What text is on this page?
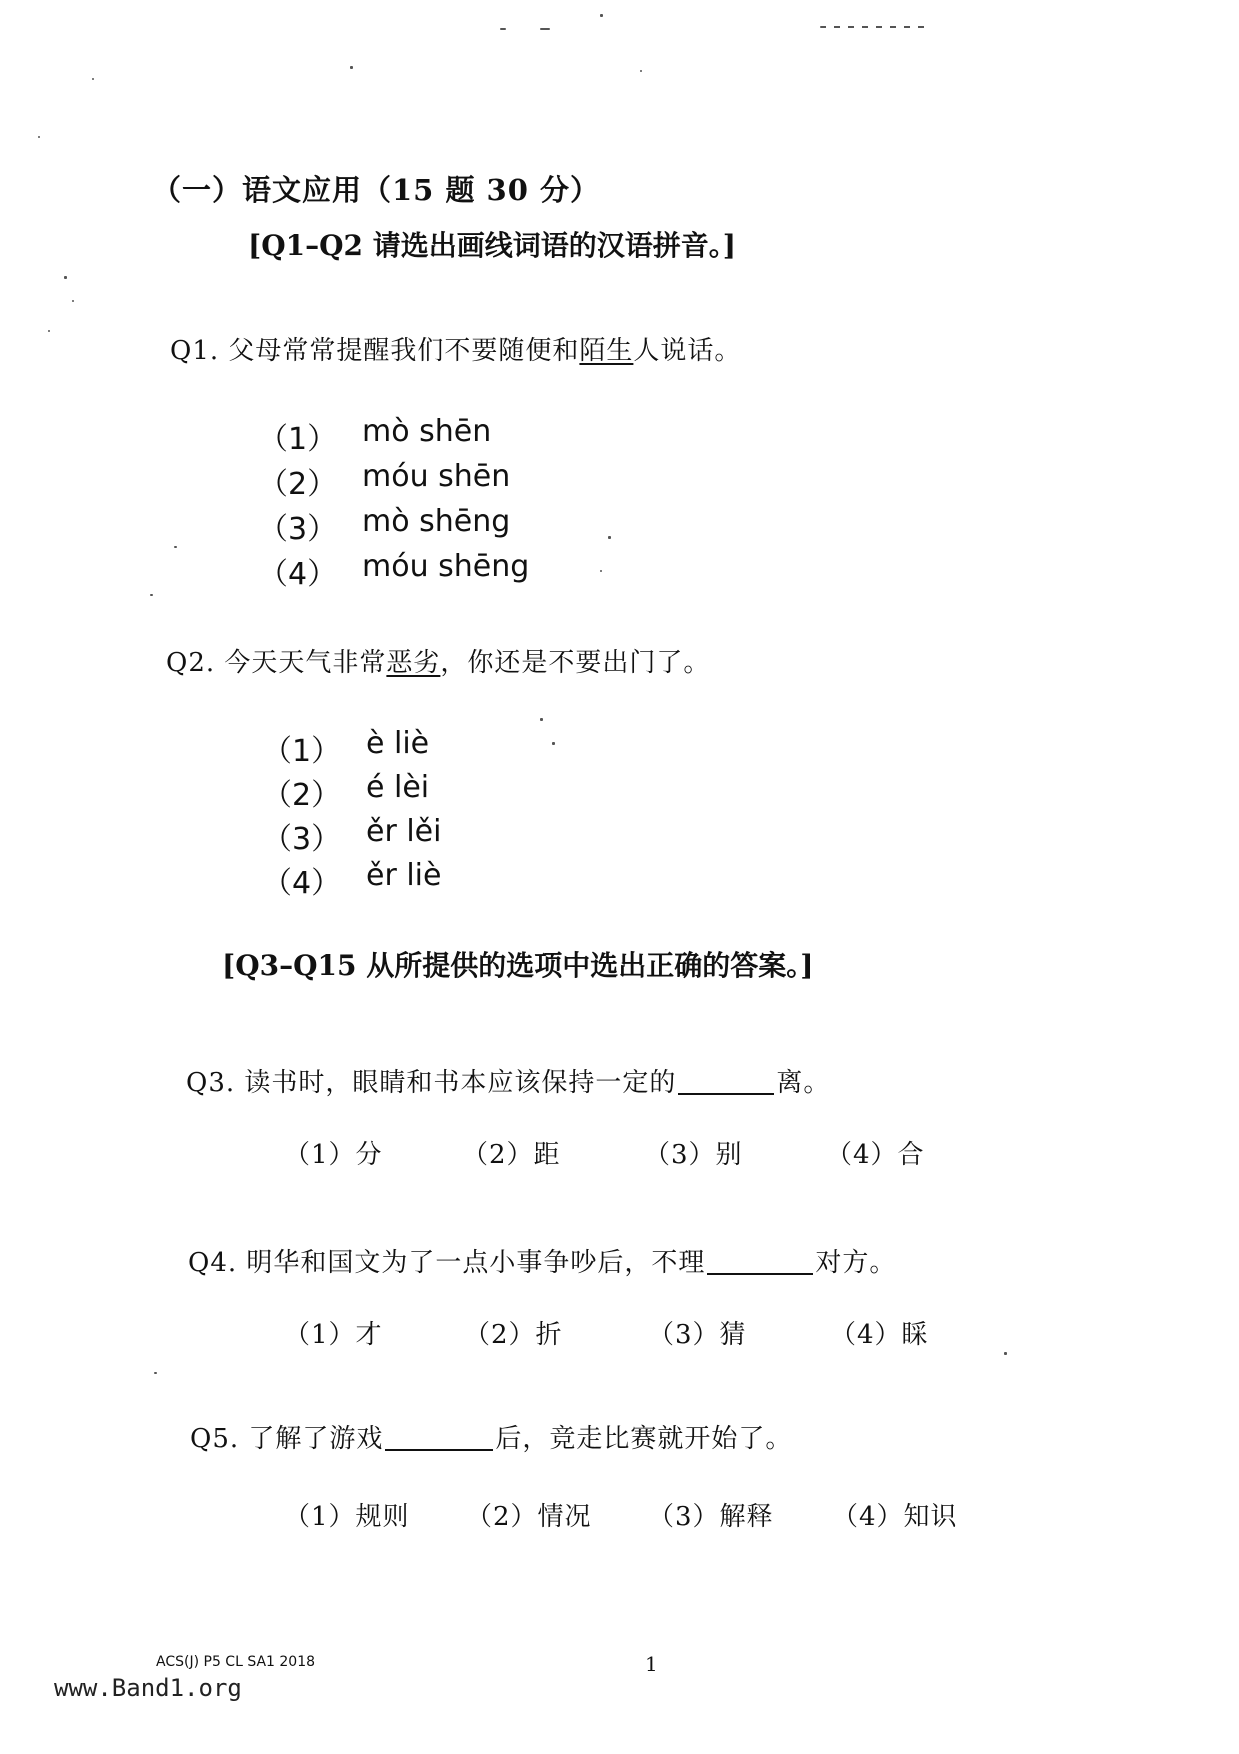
（一）语文应用（15 题 30 分）
[Q1–Q2 请选出画线词语的汉语拼音。]
Q1. 父母常常提醒我们不要随便和陌生人说话。
（1） mò shēn
（2） móu shēn
（3） mò shēng
（4） móu shēng
Q2. 今天天气非常恶劣，你还是不要出门了。
（1） è liè
（2） é lèi
（3） ěr lěi
（4） ěr liè
[Q3–Q15 从所提供的选项中选出正确的答案。]
Q3. 读书时，眼睛和书本应该保持一定的	离。
（1）分	（2）距	（3）别	（4）合
Q4. 明华和国文为了一点小事争吵后，不理	对方。
（1）才	（2）折	（3）猜	（4）睬
Q5. 了解了游戏	后，竞走比赛就开始了。
（1）规则 （2）情况 （3）解释 （4）知识
ACS(J) P5 CL SA1 2018	1
www.Band1.org
